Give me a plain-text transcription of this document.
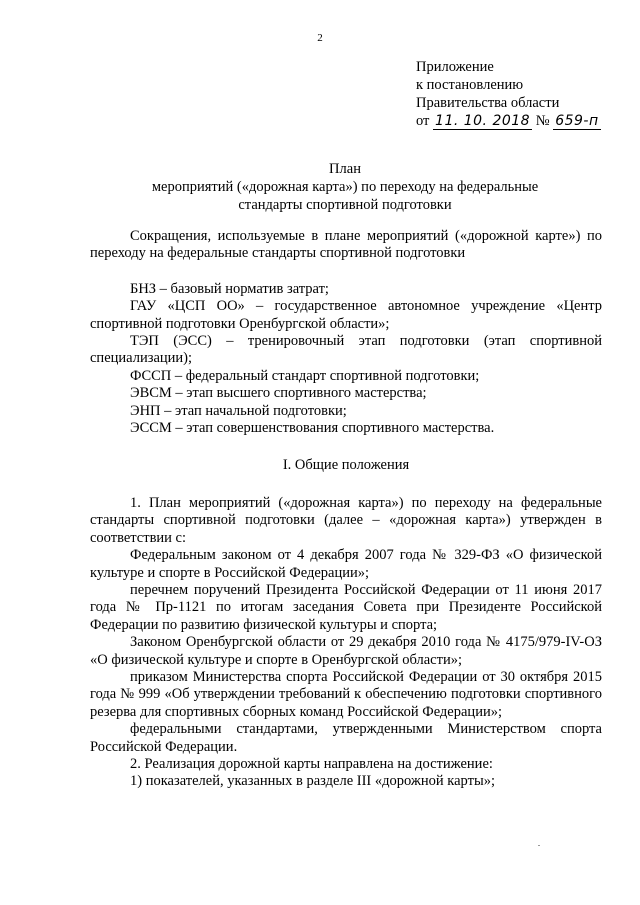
2
Приложение
к постановлению
Правительства области
от 11. 10. 2018 № 659-п
План
мероприятий («дорожная карта») по переходу на федеральные
стандарты спортивной подготовки

Сокращения, используемые в плане мероприятий («дорожной карте») по переходу на федеральные стандарты спортивной подготовки

БНЗ – базовый норматив затрат;

ГАУ «ЦСП ОО» – государственное автономное учреждение «Центр спортивной подготовки Оренбургской области»;

ТЭП (ЭСС) – тренировочный этап подготовки (этап спортивной специализации);

ФССП – федеральный стандарт спортивной подготовки;

ЭВСМ – этап высшего спортивного мастерства;

ЭНП – этап начальной подготовки;

ЭССМ – этап совершенствования спортивного мастерства.

I. Общие положения

1. План мероприятий («дорожная карта») по переходу на федеральные стандарты спортивной подготовки (далее – «дорожная карта») утвержден в соответствии с:

Федеральным законом от 4 декабря 2007 года № 329-ФЗ «О физической культуре и спорте в Российской Федерации»;

перечнем поручений Президента Российской Федерации от 11 июня 2017 года № Пр-1121 по итогам заседания Совета при Президенте Российской Федерации по развитию физической культуры и спорта;

Законом Оренбургской области от 29 декабря 2010 года № 4175/979-IV-ОЗ «О физической культуре и спорте в Оренбургской области»;

приказом Министерства спорта Российской Федерации от 30 октября 2015 года № 999 «Об утверждении требований к обеспечению подготовки спортивного резерва для спортивных сборных команд Российской Федерации»;

федеральными стандартами, утвержденными Министерством спорта Российской Федерации.

2. Реализация дорожной карты направлена на достижение:

1) показателей, указанных в разделе III «дорожной карты»;
